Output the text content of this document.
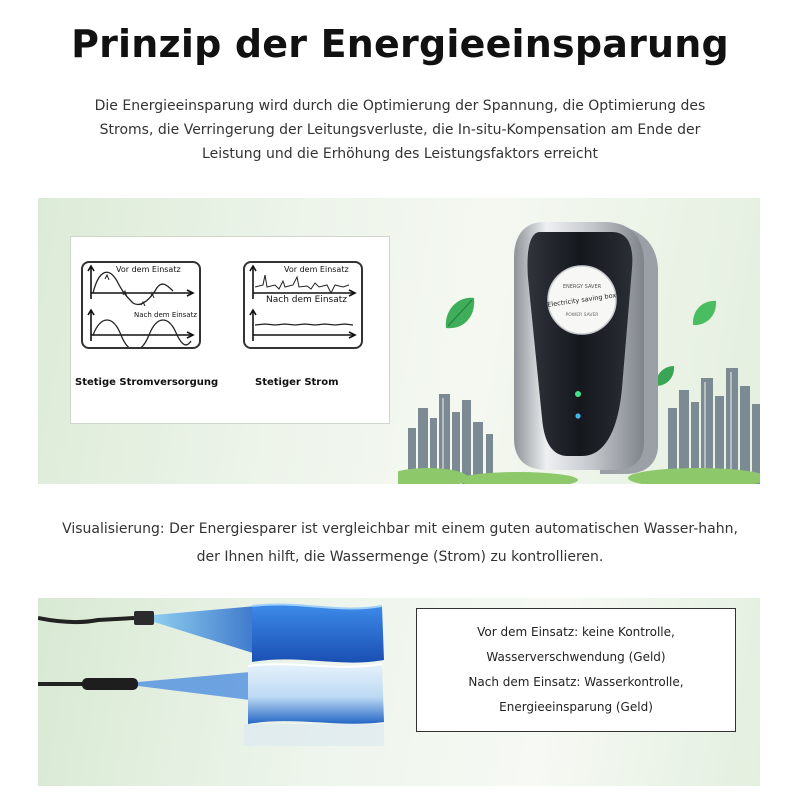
Prinzip der Energieeinsparung

Die Energieeinsparung wird durch die Optimierung der Spannung, die Optimierung des Stroms, die Verringerung der Leitungsverluste, die In-situ-Kompensation am Ende der Leistung und die Erhöhung des Leistungsfaktors erreicht

Vor dem Einsatz
Nach dem Einsatz
Stetige Stromversorgung
Vor dem Einsatz
Nach dem Einsatz
Stetiger Strom
ENERGY SAVER
Electricity saving box
POWER SAVER

Visualisierung: Der Energiesparer ist vergleichbar mit einem guten automatischen Wasser-hahn, der Ihnen hilft, die Wassermenge (Strom) zu kontrollieren.

Vor dem Einsatz: keine Kontrolle,
Wasserverschwendung (Geld)
Nach dem Einsatz: Wasserkontrolle,
Energieeinsparung (Geld)
